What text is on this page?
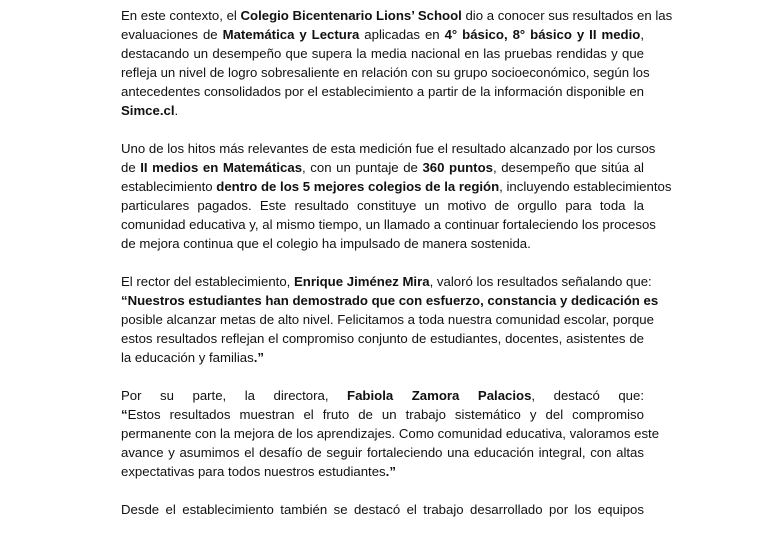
En este contexto, el Colegio Bicentenario Lions’ School dio a conocer sus resultados en las
evaluaciones de Matemática y Lectura aplicadas en 4° básico, 8° básico y II medio,
destacando un desempeño que supera la media nacional en las pruebas rendidas y que
refleja un nivel de logro sobresaliente en relación con su grupo socioeconómico, según los
antecedentes consolidados por el establecimiento a partir de la información disponible en
Simce.cl.

Uno de los hitos más relevantes de esta medición fue el resultado alcanzado por los cursos
de II medios en Matemáticas, con un puntaje de 360 puntos, desempeño que sitúa al
establecimiento dentro de los 5 mejores colegios de la región, incluyendo establecimientos
particulares pagados. Este resultado constituye un motivo de orgullo para toda la
comunidad educativa y, al mismo tiempo, un llamado a continuar fortaleciendo los procesos
de mejora continua que el colegio ha impulsado de manera sostenida.

El rector del establecimiento, Enrique Jiménez Mira, valoró los resultados señalando que:
“Nuestros estudiantes han demostrado que con esfuerzo, constancia y dedicación es
posible alcanzar metas de alto nivel. Felicitamos a toda nuestra comunidad escolar, porque
estos resultados reflejan el compromiso conjunto de estudiantes, docentes, asistentes de
la educación y familias.”

Por su parte, la directora, Fabiola Zamora Palacios, destacó que:
“Estos resultados muestran el fruto de un trabajo sistemático y del compromiso
permanente con la mejora de los aprendizajes. Como comunidad educativa, valoramos este
avance y asumimos el desafío de seguir fortaleciendo una educación integral, con altas
expectativas para todos nuestros estudiantes.”

Desde el establecimiento también se destacó el trabajo desarrollado por los equipos
